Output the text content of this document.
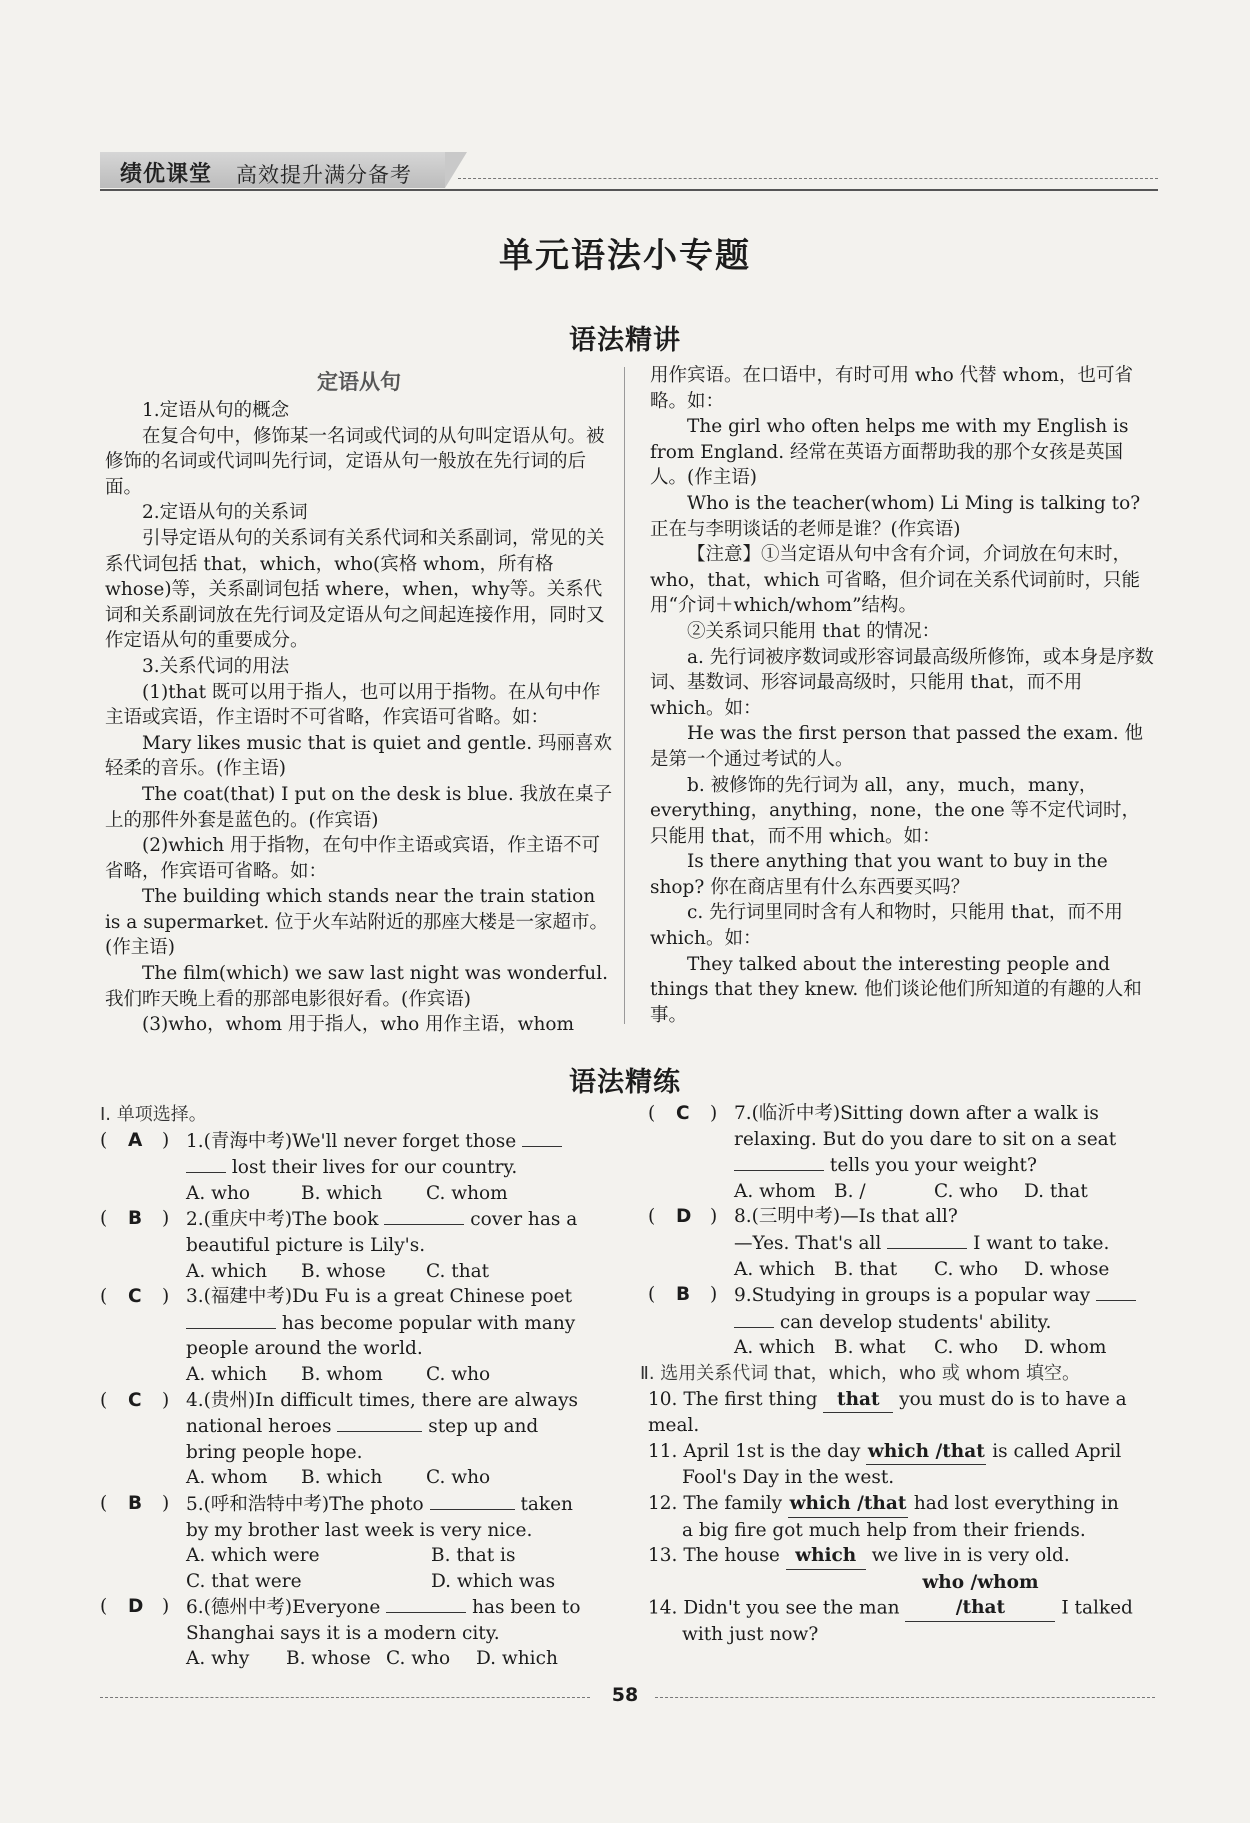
绩优课堂 高效提升满分备考
单元语法小专题
语法精讲

定语从句

1.定语从句的概念

在复合句中，修饰某一名词或代词的从句叫定语从句。被修饰的名词或代词叫先行词，定语从句一般放在先行词的后面。

2.定语从句的关系词

引导定语从句的关系词有关系代词和关系副词，常见的关系代词包括 that，which，who(宾格 whom，所有格 whose)等，关系副词包括 where，when，why等。关系代词和关系副词放在先行词及定语从句之间起连接作用，同时又作定语从句的重要成分。

3.关系代词的用法

(1)that 既可以用于指人，也可以用于指物。在从句中作主语或宾语，作主语时不可省略，作宾语可省略。如：

Mary likes music that is quiet and gentle. 玛丽喜欢轻柔的音乐。(作主语)

The coat(that) I put on the desk is blue. 我放在桌子上的那件外套是蓝色的。(作宾语)

(2)which 用于指物，在句中作主语或宾语，作主语不可省略，作宾语可省略。如：

The building which stands near the train station is a supermarket. 位于火车站附近的那座大楼是一家超市。(作主语)

The film(which) we saw last night was wonderful. 我们昨天晚上看的那部电影很好看。(作宾语)

(3)who，whom 用于指人，who 用作主语，whom

用作宾语。在口语中，有时可用 who 代替 whom，也可省略。如：

The girl who often helps me with my English is from England. 经常在英语方面帮助我的那个女孩是英国人。(作主语)

Who is the teacher(whom) Li Ming is talking to? 正在与李明谈话的老师是谁？(作宾语)

【注意】①当定语从句中含有介词，介词放在句末时，who，that，which 可省略，但介词在关系代词前时，只能用“介词＋which/whom”结构。

②关系词只能用 that 的情况：

a. 先行词被序数词或形容词最高级所修饰，或本身是序数词、基数词、形容词最高级时，只能用 that，而不用 which。如：

He was the first person that passed the exam. 他是第一个通过考试的人。

b. 被修饰的先行词为 all，any，much，many，everything，anything，none，the one 等不定代词时，只能用 that，而不用 which。如：

Is there anything that you want to buy in the shop? 你在商店里有什么东西要买吗？

c. 先行词里同时含有人和物时，只能用 that，而不用 which。如：

They talked about the interesting people and things that they knew. 他们谈论他们所知道的有趣的人和事。

语法精练
Ⅰ. 单项选择。
( A ) 1.(青海中考)We'll never forget those
lost their lives for our country.
A. who	B. which	C. whom
( B ) 2.(重庆中考)The book	cover has a
beautiful picture is Lily's.
A. which	B. whose	C. that
( C ) 3.(福建中考)Du Fu is a great Chinese poet
has become popular with many
people around the world.
A. which	B. whom	C. who
( C ) 4.(贵州)In difficult times, there are always
national heroes	step up and
bring people hope.
A. whom	B. which	C. who
( B ) 5.(呼和浩特中考)The photo	taken
by my brother last week is very nice.
A. which were	B. that is
C. that were	D. which was
( D ) 6.(德州中考)Everyone	has been to
Shanghai says it is a modern city.
A. why	B. whose C. who	D. which
( C ) 7.(临沂中考)Sitting down after a walk is relaxing. But do you dare to sit on a seat
tells you your weight?
A. whom B. /	C. who	D. that
( D ) 8.(三明中考)—Is that all?
—Yes. That's all	I want to take.
A. which	B. that	C. who	D. whose
( B ) 9.Studying in groups is a popular way
can develop students' ability.
A. which	B. what	C. who	D. whom
Ⅱ. 选用关系代词 that，which，who 或 whom 填空。
10. The first thing that you must do is to have a meal.
11. April 1st is the day which /that is called April
Fool's Day in the west.
12. The family which /that had lost everything in
a big fire got much help from their friends.
13. The house which we live in is very old.
14. Didn't you see the man who /whom /that	I talked
with just now?
58
